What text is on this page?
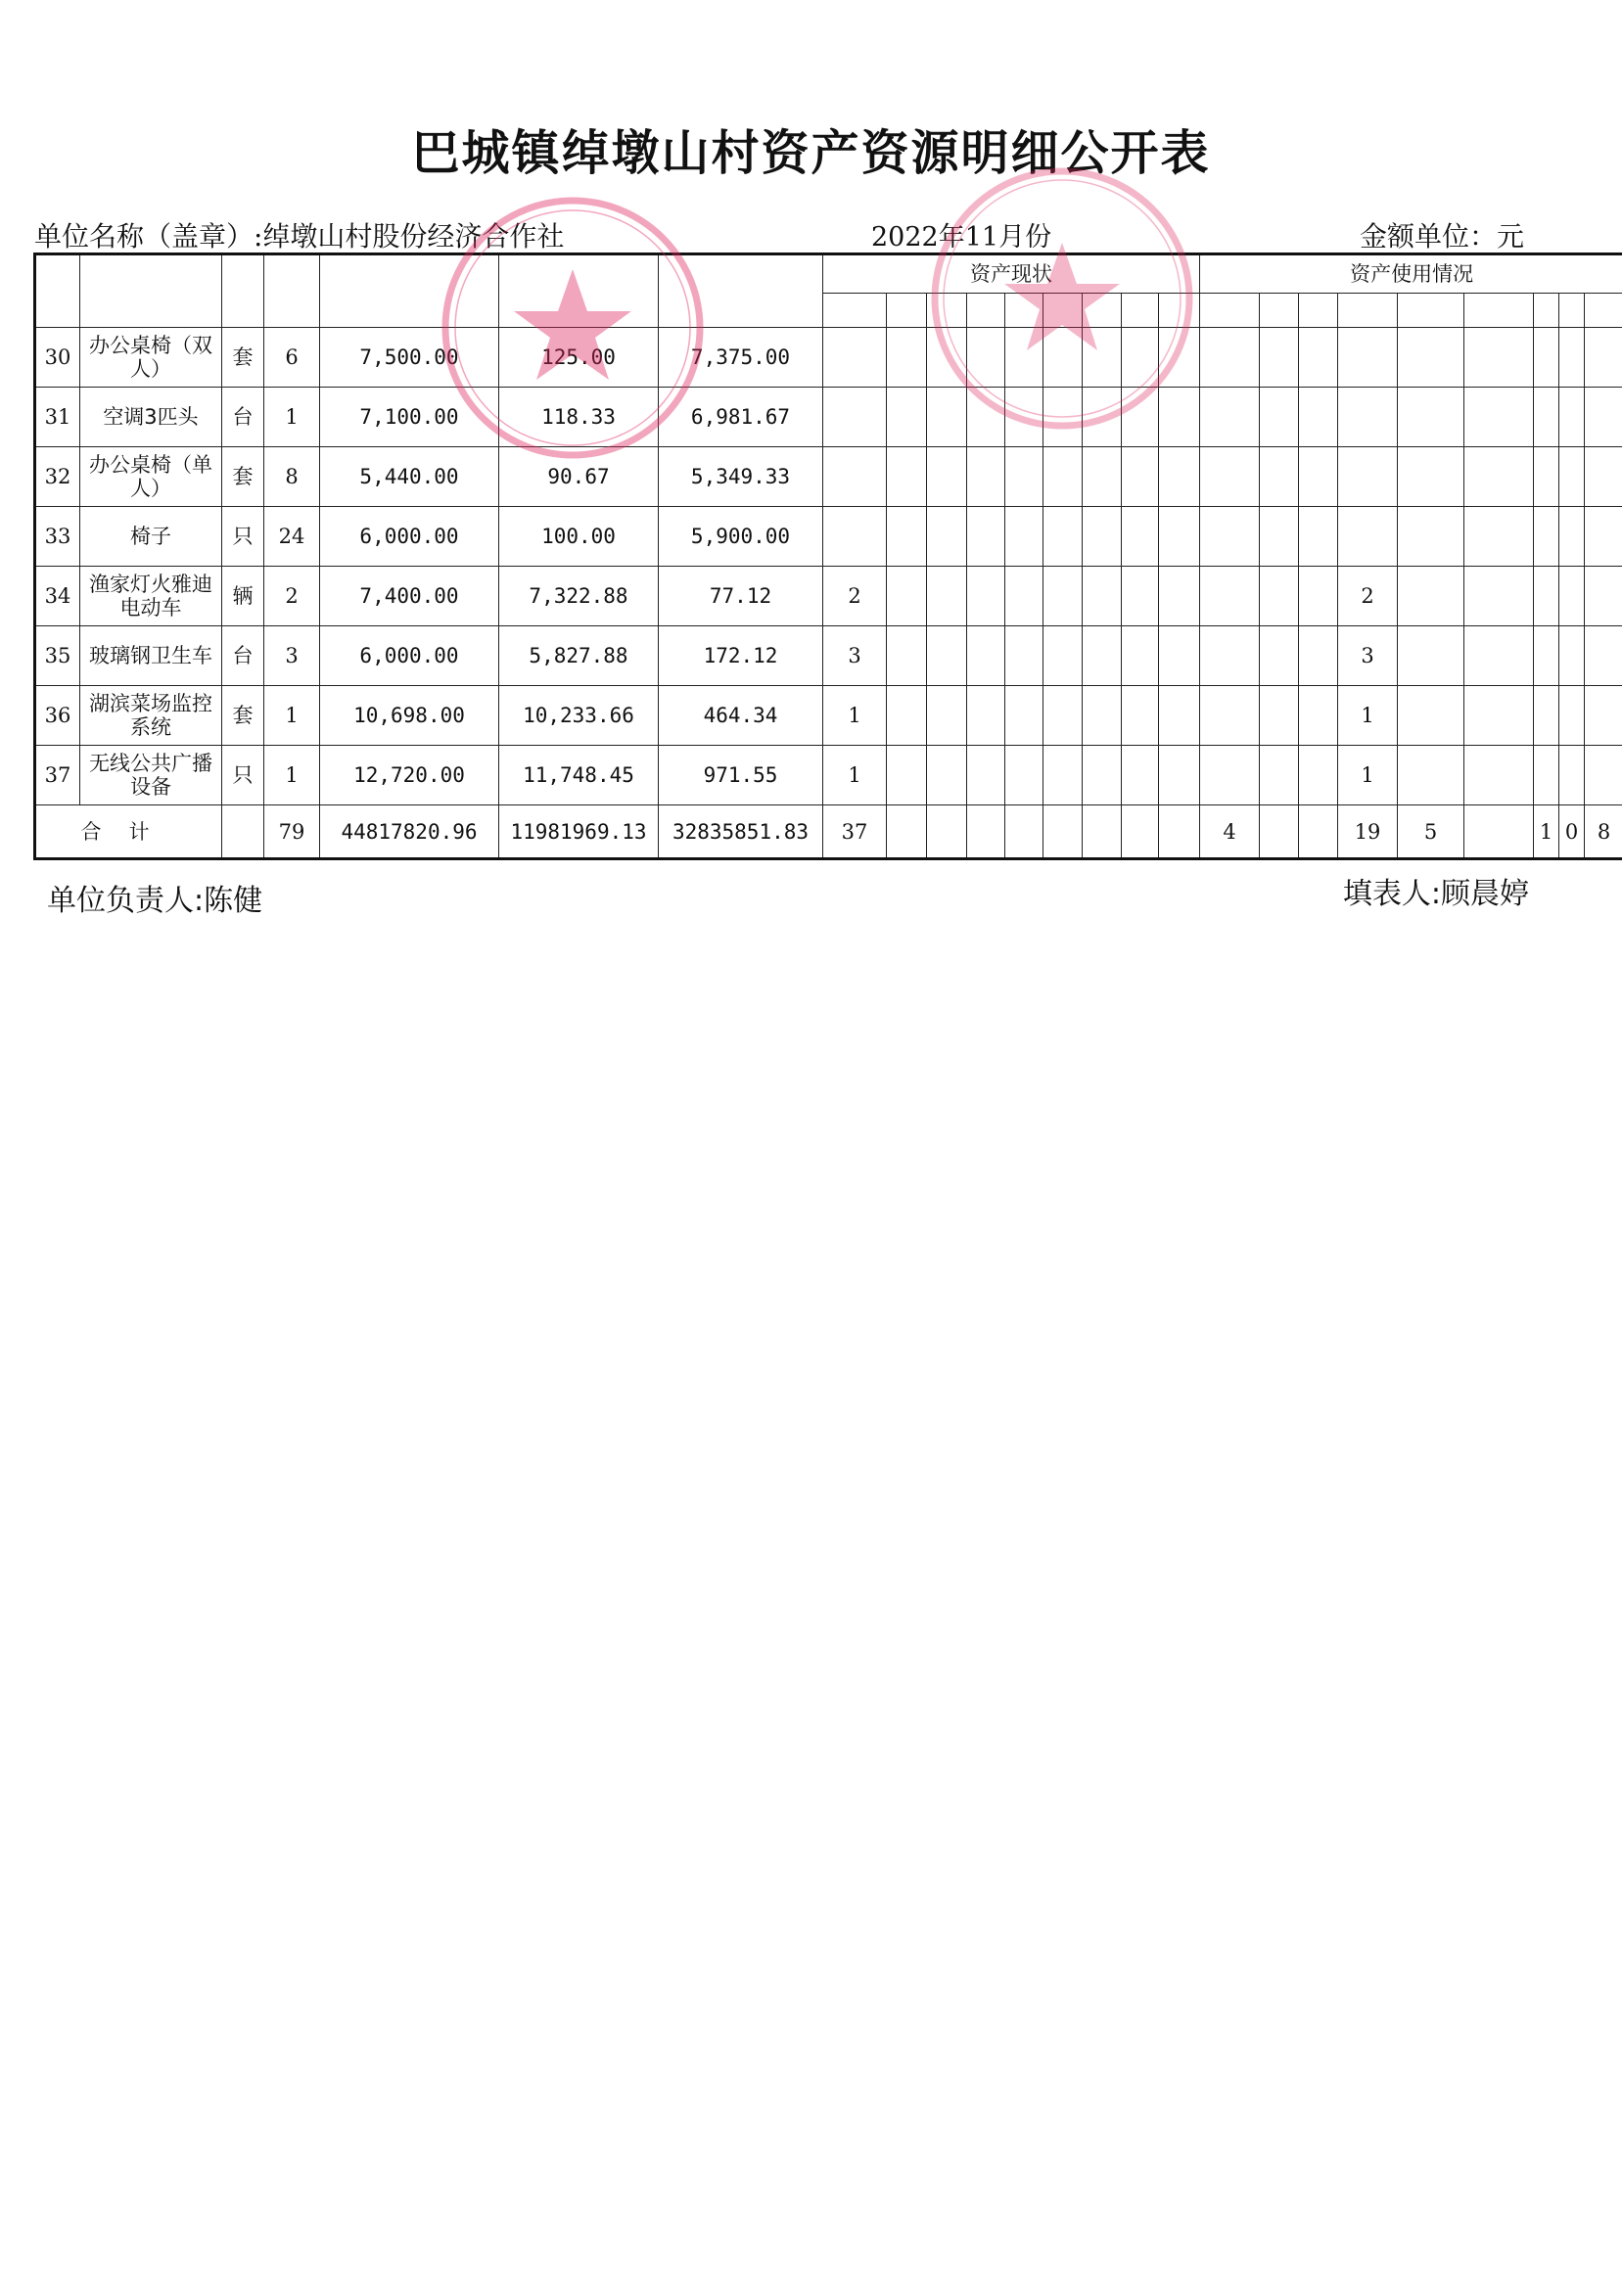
巴城镇绰墩山村资产资源明细公开表
单位名称（盖章）:绰墩山村股份经济合作社	2022年11月份	金额单位：元
							资产现状									资产使用情况								

30	办公桌椅（双人）	套	6	7,500.00	125.00	7,375.00																		
31	空调3匹头	台	1	7,100.00	118.33	6,981.67																		
32	办公桌椅（单人）	套	8	5,440.00	90.67	5,349.33																		
33	椅子	只	24	6,000.00	100.00	5,900.00																		
34	渔家灯火雅迪电动车	辆	2	7,400.00	7,322.88	77.12	2												2					
35	玻璃钢卫生车	台	3	6,000.00	5,827.88	172.12	3												3					
36	湖滨菜场监控系统	套	1	10,698.00	10,233.66	464.34	1												1					
37	无线公共广播设备	只	1	12,720.00	11,748.45	971.55	1												1					
合计			79	44817820.96	11981969.13	32835851.83	37									4			19	5		1	0	8
单位负责人:陈健	填表人:顾晨婷
